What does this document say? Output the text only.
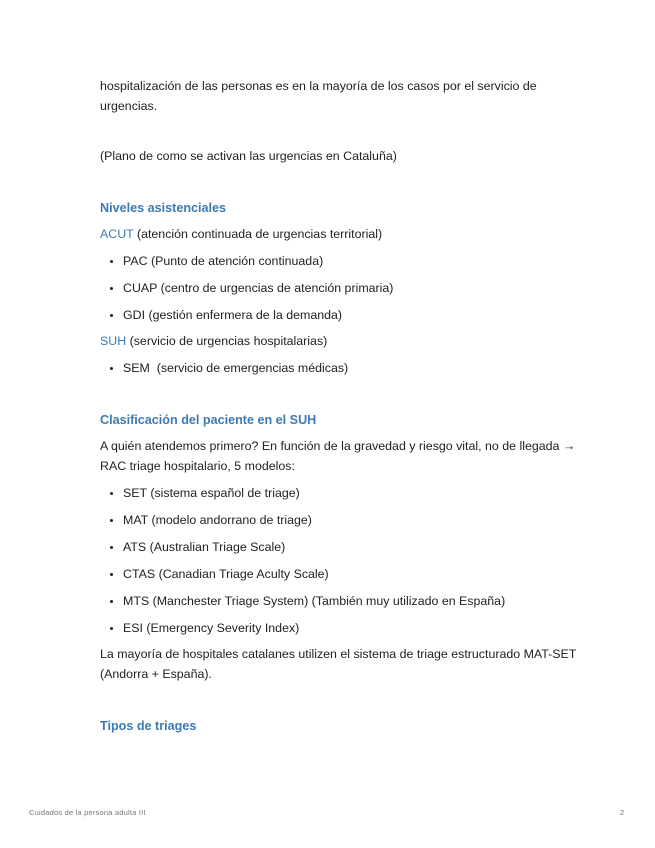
hospitalización de las personas es en la mayoría de los casos por el servicio de urgencias.

(Plano de como se activan las urgencias en Cataluña)

Niveles asistenciales

ACUT (atención continuada de urgencias territorial)

• PAC (Punto de atención continuada)
• CUAP (centro de urgencias de atención primaria)
• GDI (gestión enfermera de la demanda)

SUH (servicio de urgencias hospitalarias)

• SEM  (servicio de emergencias médicas)
Clasificación del paciente en el SUH

A quién atendemos primero? En función de la gravedad y riesgo vital, no de llegada → RAC triage hospitalario, 5 modelos:

• SET (sistema español de triage)
• MAT (modelo andorrano de triage)
• ATS (Australian Triage Scale)
• CTAS (Canadian Triage Aculty Scale)
• MTS (Manchester Triage System) (También muy utilizado en España)
• ESI (Emergency Severity Index)

La mayoría de hospitales catalanes utilizen el sistema de triage estructurado MAT-SET (Andorra + España).

Tipos de triages
Cuidados de la persona adulta III	2
